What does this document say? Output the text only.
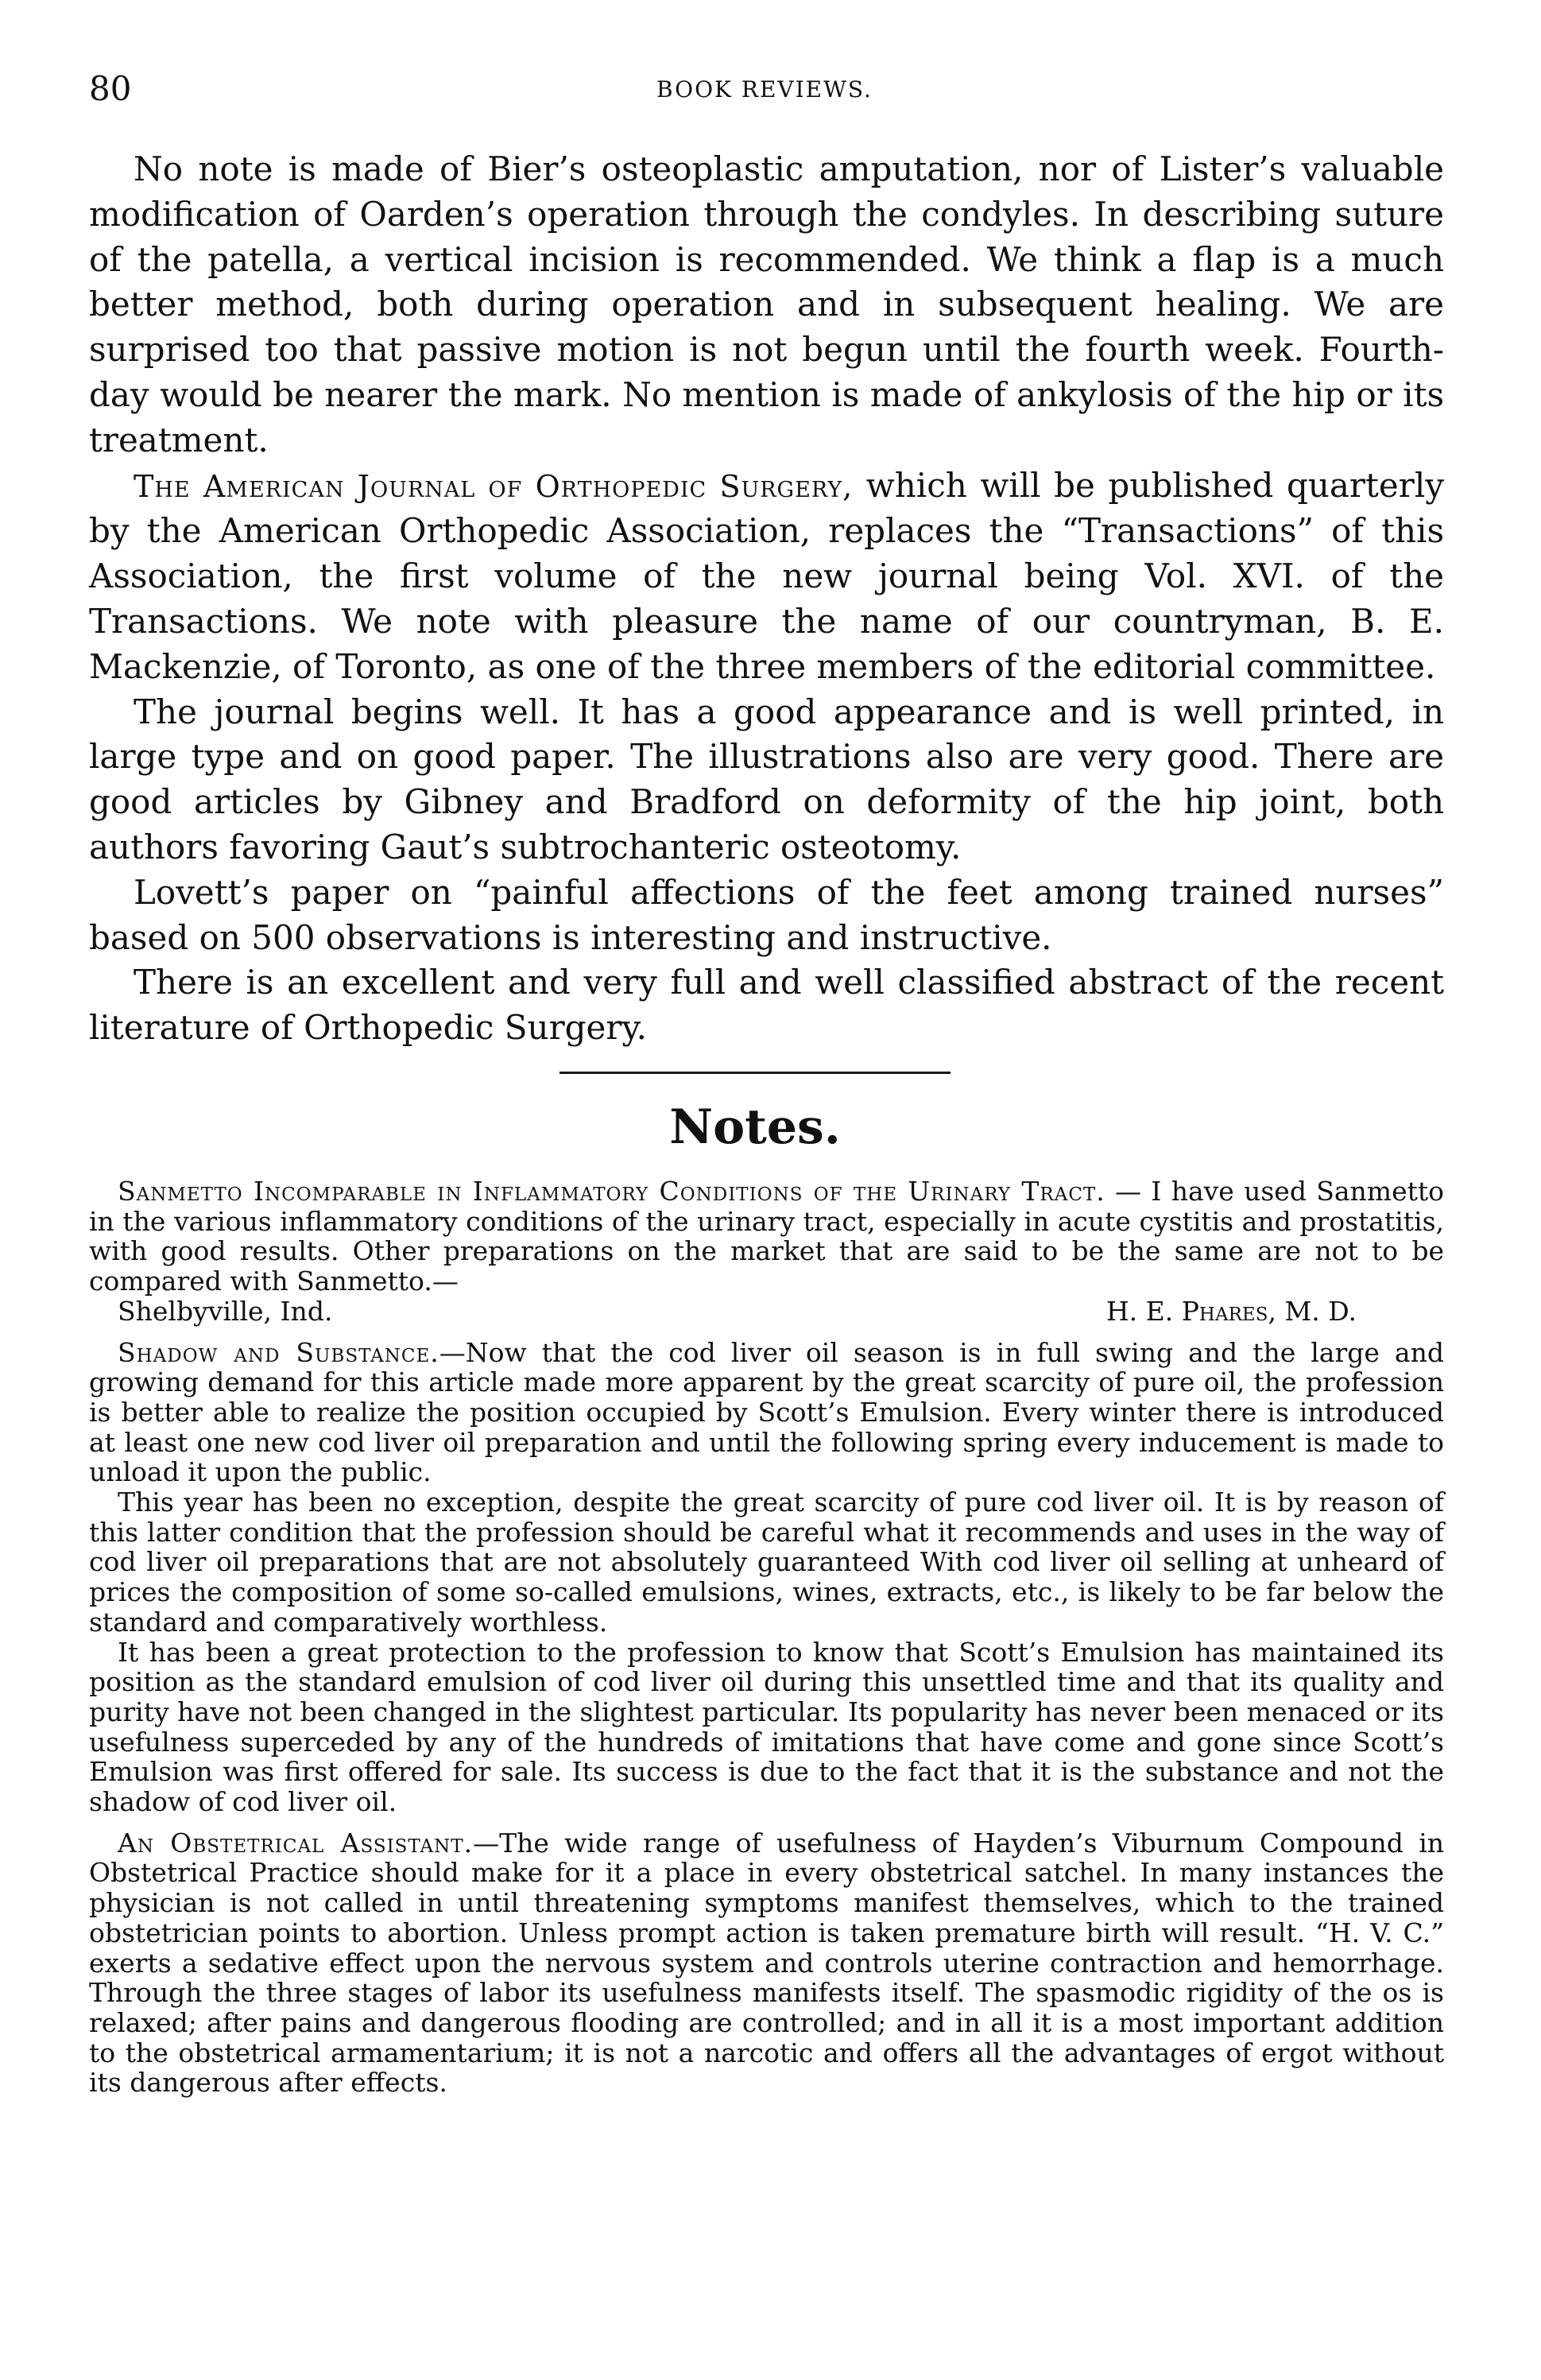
80	BOOK REVIEWS.

No note is made of Bier’s osteoplastic amputation, nor of Lister’s valuable modification of Oarden’s operation through the condyles. In describing suture of the patella, a vertical incision is recommended. We think a flap is a much better method, both during operation and in subsequent healing. We are surprised too that passive motion is not begun until the fourth week. Fourth-day would be nearer the mark. No mention is made of ankylosis of the hip or its treatment.

The American Journal of Orthopedic Surgery, which will be published quarterly by the American Orthopedic Association, replaces the “Transactions” of this Association, the first volume of the new journal being Vol. XVI. of the Transactions. We note with pleasure the name of our countryman, B. E. Mackenzie, of Toronto, as one of the three members of the editorial committee.

The journal begins well. It has a good appearance and is well printed, in large type and on good paper. The illustrations also are very good. There are good articles by Gibney and Bradford on deformity of the hip joint, both authors favoring Gaut’s subtrochanteric osteotomy.

Lovett’s paper on “painful affections of the feet among trained nurses” based on 500 observations is interesting and instructive.

There is an excellent and very full and well classified abstract of the recent literature of Orthopedic Surgery.

Notes.

Sanmetto Incomparable in Inflammatory Conditions of the Urinary Tract. — I have used Sanmetto in the various inflammatory conditions of the urinary tract, especially in acute cystitis and prostatitis, with good results. Other preparations on the market that are said to be the same are not to be compared with Sanmetto.—

Shelbyville, Ind.	H. E. Phares, M. D.

Shadow and Substance.—Now that the cod liver oil season is in full swing and the large and growing demand for this article made more apparent by the great scarcity of pure oil, the profession is better able to realize the position occupied by Scott’s Emulsion. Every winter there is introduced at least one new cod liver oil preparation and until the following spring every inducement is made to unload it upon the public.

This year has been no exception, despite the great scarcity of pure cod liver oil. It is by reason of this latter condition that the profession should be careful what it recommends and uses in the way of cod liver oil preparations that are not absolutely guaranteed With cod liver oil selling at unheard of prices the composition of some so-called emulsions, wines, extracts, etc., is likely to be far below the standard and comparatively worthless.

It has been a great protection to the profession to know that Scott’s Emulsion has maintained its position as the standard emulsion of cod liver oil during this unsettled time and that its quality and purity have not been changed in the slightest particular. Its popularity has never been menaced or its usefulness superceded by any of the hundreds of imitations that have come and gone since Scott’s Emulsion was first offered for sale. Its success is due to the fact that it is the substance and not the shadow of cod liver oil.

An Obstetrical Assistant.—The wide range of usefulness of Hayden’s Viburnum Compound in Obstetrical Practice should make for it a place in every obstetrical satchel. In many instances the physician is not called in until threatening symptoms manifest themselves, which to the trained obstetrician points to abortion. Unless prompt action is taken premature birth will result. “H. V. C.” exerts a sedative effect upon the nervous system and controls uterine contraction and hemorrhage. Through the three stages of labor its usefulness manifests itself. The spasmodic rigidity of the os is relaxed; after pains and dangerous flooding are controlled; and in all it is a most important addition to the obstetrical armamentarium; it is not a narcotic and offers all the advantages of ergot without its dangerous after effects.
